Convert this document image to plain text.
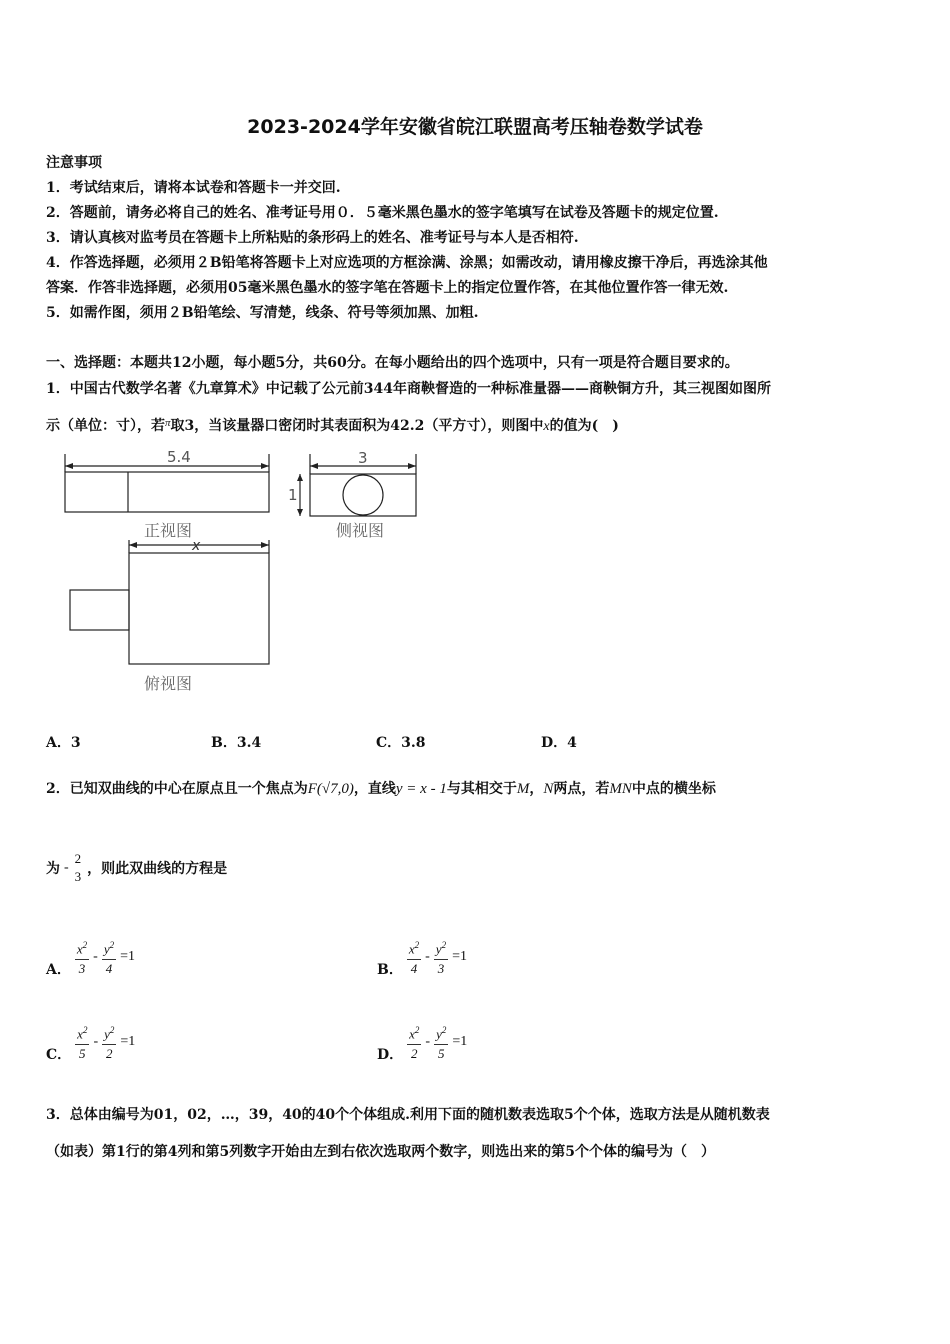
2023-2024学年安徽省皖江联盟高考压轴卷数学试卷
注意事项
1．考试结束后，请将本试卷和答题卡一并交回.
2．答题前，请务必将自己的姓名、准考证号用０．５毫米黑色墨水的签字笔填写在试卷及答题卡的规定位置.
3．请认真核对监考员在答题卡上所粘贴的条形码上的姓名、准考证号与本人是否相符.
4．作答选择题，必须用２B铅笔将答题卡上对应选项的方框涂满、涂黑；如需改动，请用橡皮擦干净后，再选涂其他
答案．作答非选择题，必须用05毫米黑色墨水的签字笔在答题卡上的指定位置作答，在其他位置作答一律无效.
5．如需作图，须用２B铅笔绘、写清楚，线条、符号等须加黑、加粗.
一、选择题：本题共12小题，每小题5分，共60分。在每小题给出的四个选项中，只有一项是符合题目要求的。
1．中国古代数学名著《九章算术》中记载了公元前344年商鞅督造的一种标准量器——商鞅铜方升，其三视图如图所
示（单位：寸），若$^\pi$取3，当该量器口密闭时其表面积为42.2（平方寸），则图中x的值为(　)
5.4	3
1
x
正视图	侧视图
俯视图
A．3	B．3.4	C．3.8	D．4
2．已知双曲线的中心在原点且一个焦点为F(√7,0)，直线y = x - 1与其相交于M，N两点，若MN中点的横坐标
为 -
2
3 ，则此双曲线的方程是
A． $\frac{x^2}{3} - \frac{y^2}{4} =1$
B． $\frac{x^2}{4} - \frac{y^2}{3} =1$
C． $\frac{x^2}{5} - \frac{y^2}{2} =1$
D． $\frac{x^2}{2} - \frac{y^2}{5} =1$
3．总体由编号为01，02，…，39，40的40个个体组成.利用下面的随机数表选取5个个体，选取方法是从随机数表
（如表）第1行的第4列和第5列数字开始由左到右依次选取两个数字，则选出来的第5个个体的编号为（　）
